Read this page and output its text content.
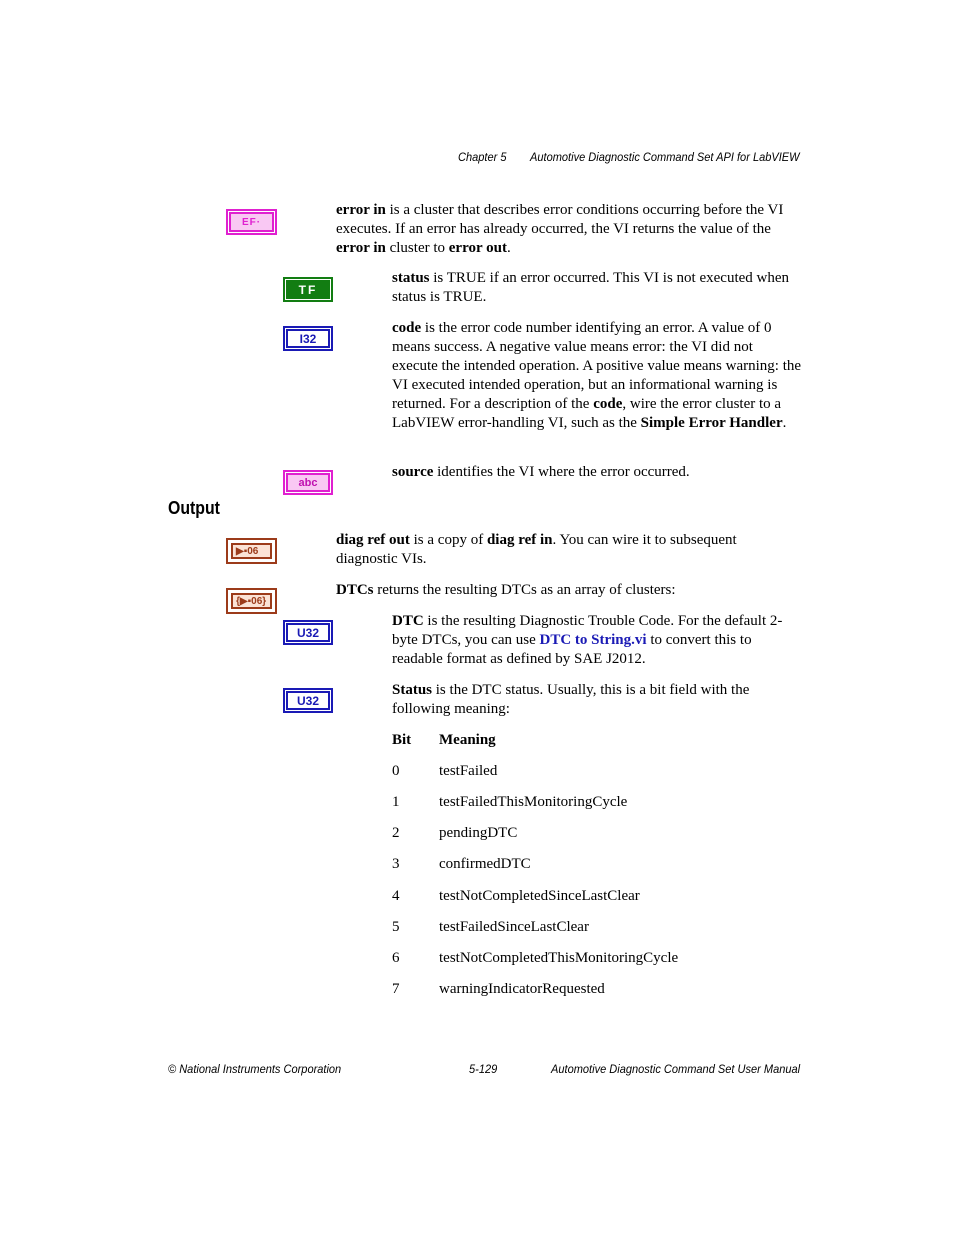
Chapter 5 Automotive Diagnostic Command Set API for LabVIEW
EF·
error in is a cluster that describes error conditions occurring before the VI executes. If an error has already occurred, the VI returns the value of the error in cluster to error out.
TF
status is TRUE if an error occurred. This VI is not executed when status is TRUE.
I32
code is the error code number identifying an error. A value of 0 means success. A negative value means error: the VI did not execute the intended operation. A positive value means warning: the VI executed intended operation, but an informational warning is returned. For a description of the code, wire the error cluster to a LabVIEW error-handling VI, such as the Simple Error Handler.
abc
source identifies the VI where the error occurred.
Output
▶▪06
diag ref out is a copy of diag ref in. You can wire it to subsequent diagnostic VIs.
{▶▪06}
DTCs returns the resulting DTCs as an array of clusters:
U32
DTC is the resulting Diagnostic Trouble Code. For the default 2-byte DTCs, you can use DTC to String.vi to convert this to readable format as defined by SAE J2012.
U32
Status is the DTC status. Usually, this is a bit field with the following meaning:
Bit Meaning
0	testFailed
1	testFailedThisMonitoringCycle
2	pendingDTC
3	confirmedDTC
4	testNotCompletedSinceLastClear
5	testFailedSinceLastClear
6	testNotCompletedThisMonitoringCycle
7	warningIndicatorRequested
© National Instruments Corporation	5-129	Automotive Diagnostic Command Set User Manual
